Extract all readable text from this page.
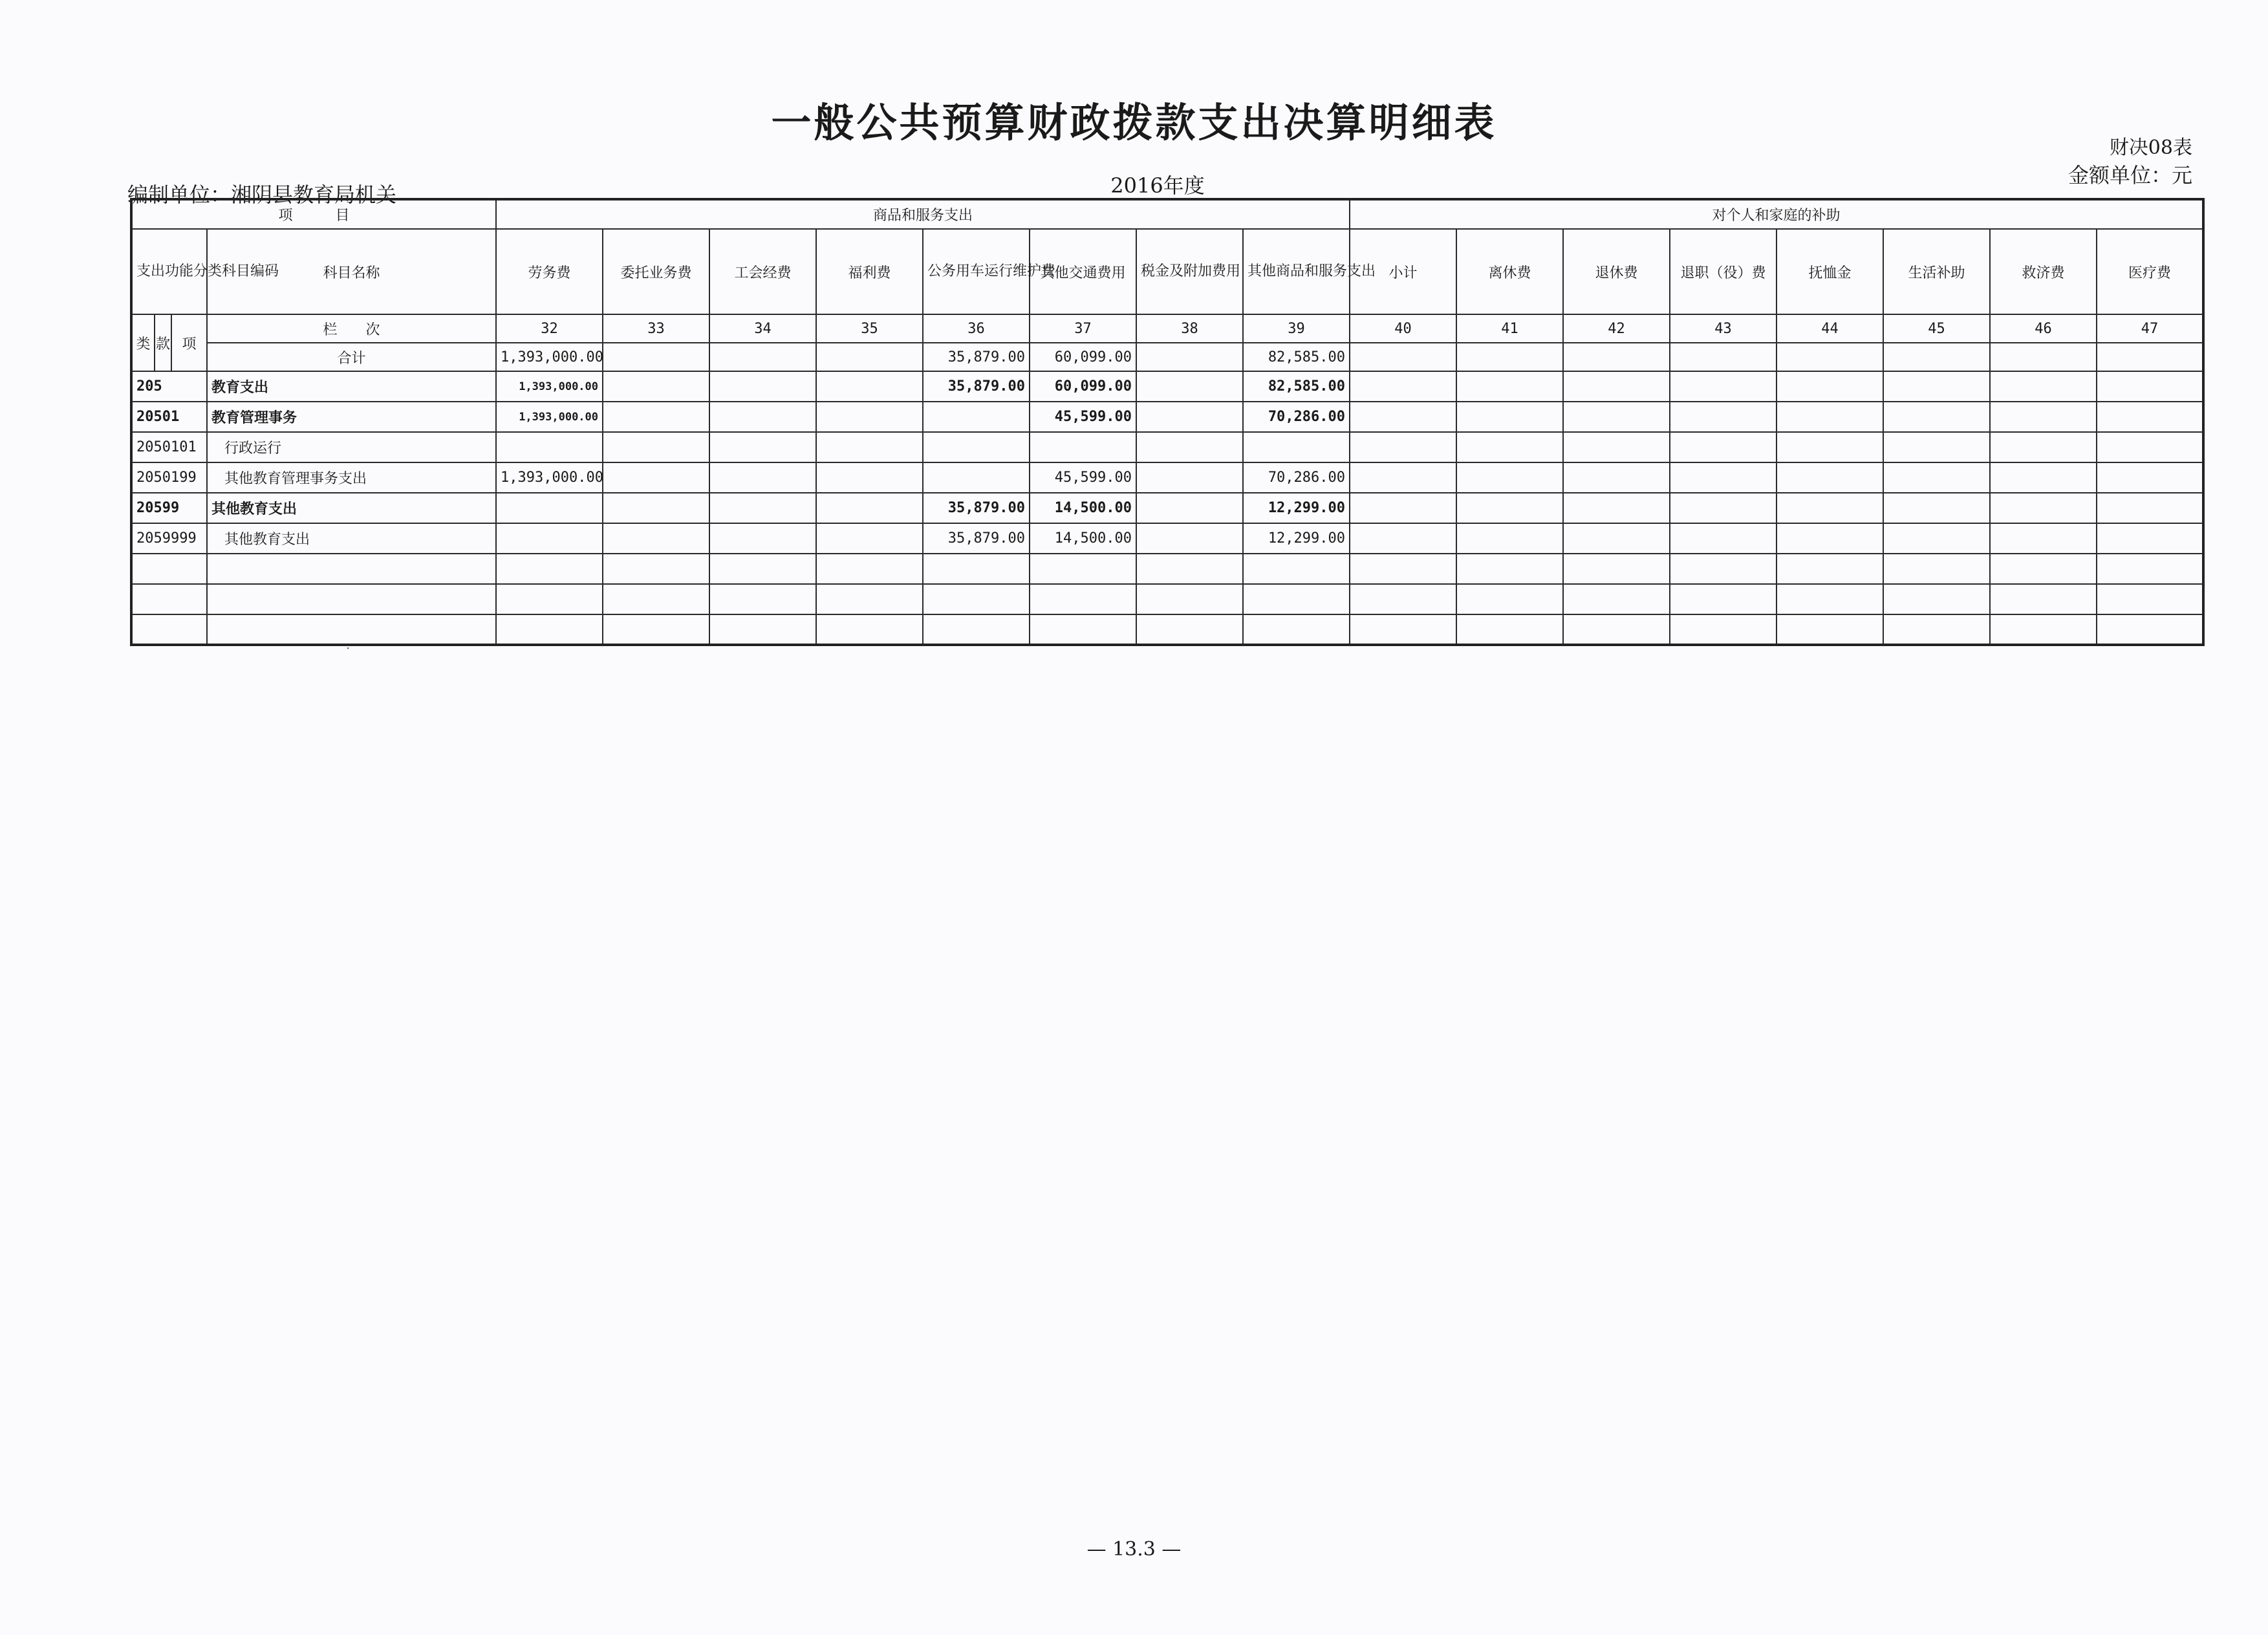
一般公共预算财政拨款支出决算明细表
财决08表
金额单位：元
编制单位：湘阴县教育局机关	2016年度
项　　　目				商品和服务支出								对个人和家庭的补助							
支出功能分类科目编码			科目名称	劳务费	委托业务费	工会经费	福利费	公务用车运行维护费	其他交通费用	税金及附加费用	其他商品和服务支出	小计	离休费	退休费	退职（役）费	抚恤金	生活补助	救济费	医疗费
类	款	项	栏　　次	32	33	34	35	36	37	38	39	40	41	42	43	44	45	46	47
			合计	1,393,000.00				35,879.00	60,099.00		82,585.00								
205			教育支出	1,393,000.00				35,879.00	60,099.00		82,585.00								
20501			教育管理事务	1,393,000.00					45,599.00		70,286.00								
2050101			行政运行																
2050199			其他教育管理事务支出	1,393,000.00					45,599.00		70,286.00								
20599			其他教育支出					35,879.00	14,500.00		12,299.00								
2059999			其他教育支出					35,879.00	14,500.00		12,299.00								

— 13.3 —
·
